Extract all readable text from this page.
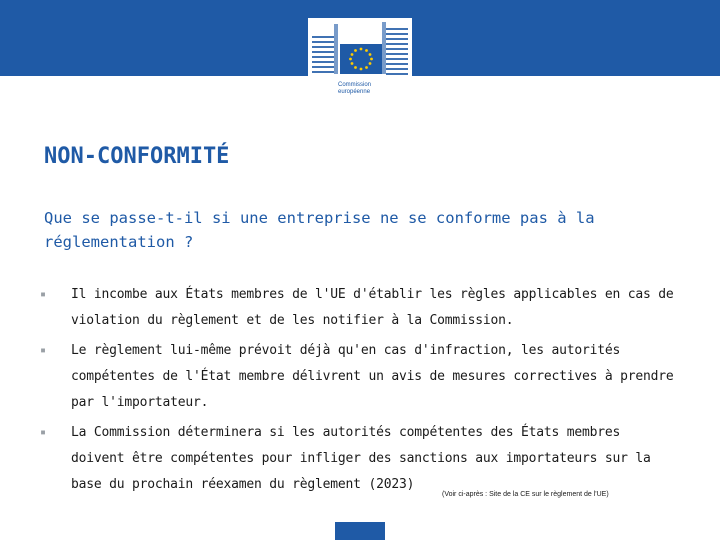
Commission
européenne
NON-CONFORMITÉ

Que se passe-t-il si une entreprise ne se conforme pas à la réglementation ?

▪ Il incombe aux États membres de l'UE d'établir les règles applicables en cas de violation du règlement et de les notifier à la Commission.
▪ Le règlement lui-même prévoit déjà qu'en cas d'infraction, les autorités compétentes de l'État membre délivrent un avis de mesures correctives à prendre par l'importateur.
▪ La Commission déterminera si les autorités compétentes des États membres doivent être compétentes pour infliger des sanctions aux importateurs sur la base du prochain réexamen du règlement (2023)
(Voir ci-après : Site de la CE sur le règlement de l'UE)
